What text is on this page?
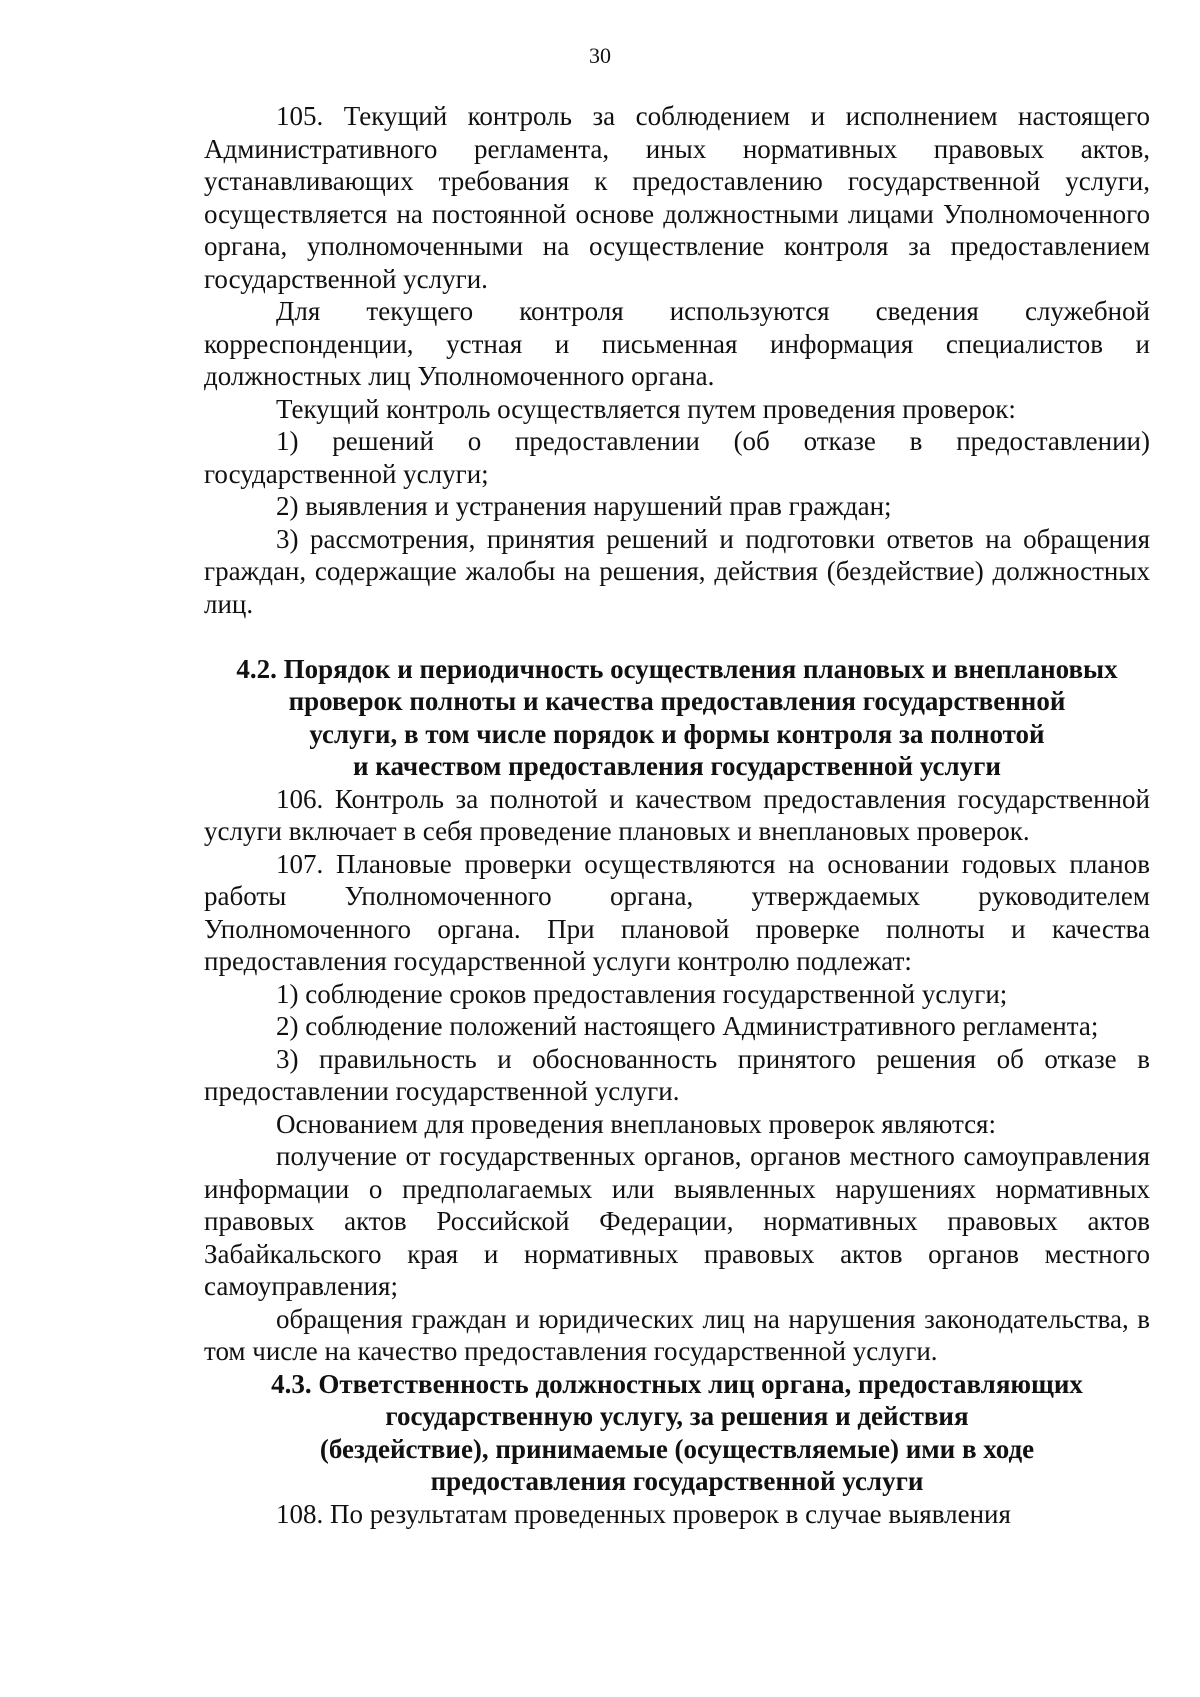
30

105. Текущий контроль за соблюдением и исполнением настоящего Административного регламента, иных нормативных правовых актов, устанавливающих требования к предоставлению государственной услуги, осуществляется на постоянной основе должностными лицами Уполномоченного органа, уполномоченными на осуществление контроля за предоставлением государственной услуги.

Для текущего контроля используются сведения служебной корреспонденции, устная и письменная информация специалистов и должностных лиц Уполномоченного органа.

Текущий контроль осуществляется путем проведения проверок:

1) решений о предоставлении (об отказе в предоставлении) государственной услуги;

2) выявления и устранения нарушений прав граждан;

3) рассмотрения, принятия решений и подготовки ответов на обращения граждан, содержащие жалобы на решения, действия (бездействие) должностных лиц.

4.2. Порядок и периодичность осуществления плановых и внеплановых
проверок полноты и качества предоставления государственной
услуги, в том числе порядок и формы контроля за полнотой
и качеством предоставления государственной услуги

106. Контроль за полнотой и качеством предоставления государственной услуги включает в себя проведение плановых и внеплановых проверок.

107. Плановые проверки осуществляются на основании годовых планов работы Уполномоченного органа, утверждаемых руководителем Уполномоченного органа. При плановой проверке полноты и качества предоставления государственной услуги контролю подлежат:

1) соблюдение сроков предоставления государственной услуги;

2) соблюдение положений настоящего Административного регламента;

3) правильность и обоснованность принятого решения об отказе в предоставлении государственной услуги.

Основанием для проведения внеплановых проверок являются:

получение от государственных органов, органов местного самоуправления информации о предполагаемых или выявленных нарушениях нормативных правовых актов Российской Федерации, нормативных правовых актов Забайкальского края и нормативных правовых актов органов местного самоуправления;

обращения граждан и юридических лиц на нарушения законодательства, в том числе на качество предоставления государственной услуги.

4.3. Ответственность должностных лиц органа, предоставляющих
государственную услугу, за решения и действия
(бездействие), принимаемые (осуществляемые) ими в ходе
предоставления государственной услуги

108. По результатам проведенных проверок в случае выявления
